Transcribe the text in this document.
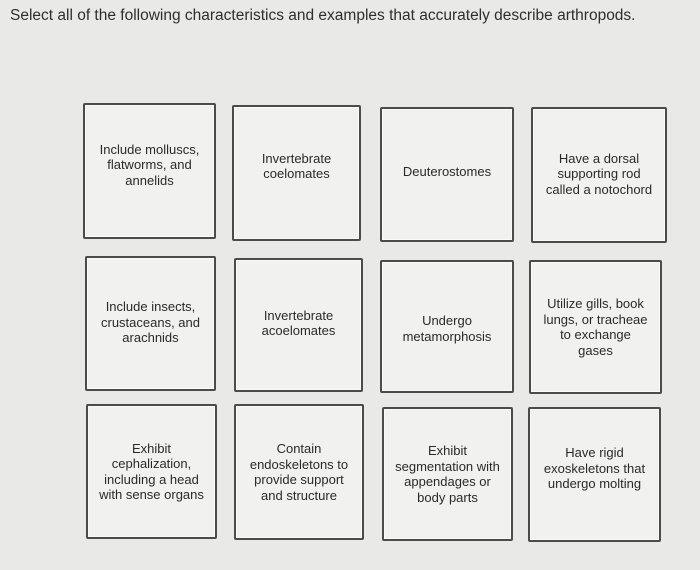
Select all of the following characteristics and examples that accurately describe arthropods.
Include molluscs,
flatworms, and
annelids
Invertebrate
coelomates	Deuterostomes
Have a dorsal
supporting rod
called a notochord
Include insects,
crustaceans, and
arachnids
Invertebrate
acoelomates
Undergo
metamorphosis
Utilize gills, book
lungs, or tracheae
to exchange
gases
Exhibit
cephalization,
including a head
with sense organs
Contain
endoskeletons to
provide support
and structure
Exhibit
segmentation with
appendages or
body parts
Have rigid
exoskeletons that
undergo molting
